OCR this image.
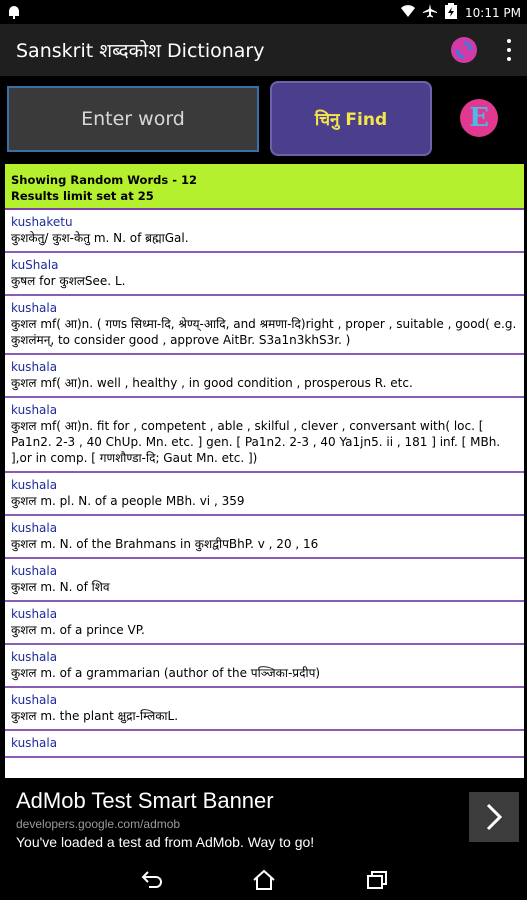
10:11 PM
Sanskrit शब्दकोश Dictionary
Enter word
चिनु Find	E
Showing Random Words - 12
Results limit set at 25
kushaketu
कुशकेतु/ कुश-केतु m. N. of ब्रह्माGal.
kuShala
कुषल for कुशलSee. L.
kushala
कुशल mf( आ)n. ( गणs सिध्मा-दि, श्रेण्य्-आदि, and श्रमणा-दि)right , proper , suitable , good( e.g. कुशलंमन्, to consider good , approve AitBr. S3a1n3khS3r. )
kushala
कुशल mf( आ)n. well , healthy , in good condition , prosperous R. etc.
kushala
कुशल mf( आ)n. fit for , competent , able , skilful , clever , conversant with( loc. [ Pa1n2. 2-3 , 40 ChUp. Mn. etc. ] gen. [ Pa1n2. 2-3 , 40 Ya1jn5. ii , 181 ] inf. [ MBh. ],or in comp. [ गणशौण्डा-दि; Gaut Mn. etc. ])
kushala
कुशल m. pl. N. of a people MBh. vi , 359
kushala
कुशल m. N. of the Brahmans in कुशद्वीपBhP. v , 20 , 16
kushala
कुशल m. N. of शिव
kushala
कुशल m. of a prince VP.
kushala
कुशल m. of a grammarian (author of the पञ्जिका-प्रदीप)
kushala
कुशल m. the plant क्षुद्रा-म्लिकाL.
kushala
AdMob Test Smart Banner
developers.google.com/admob
You've loaded a test ad from AdMob. Way to go!
